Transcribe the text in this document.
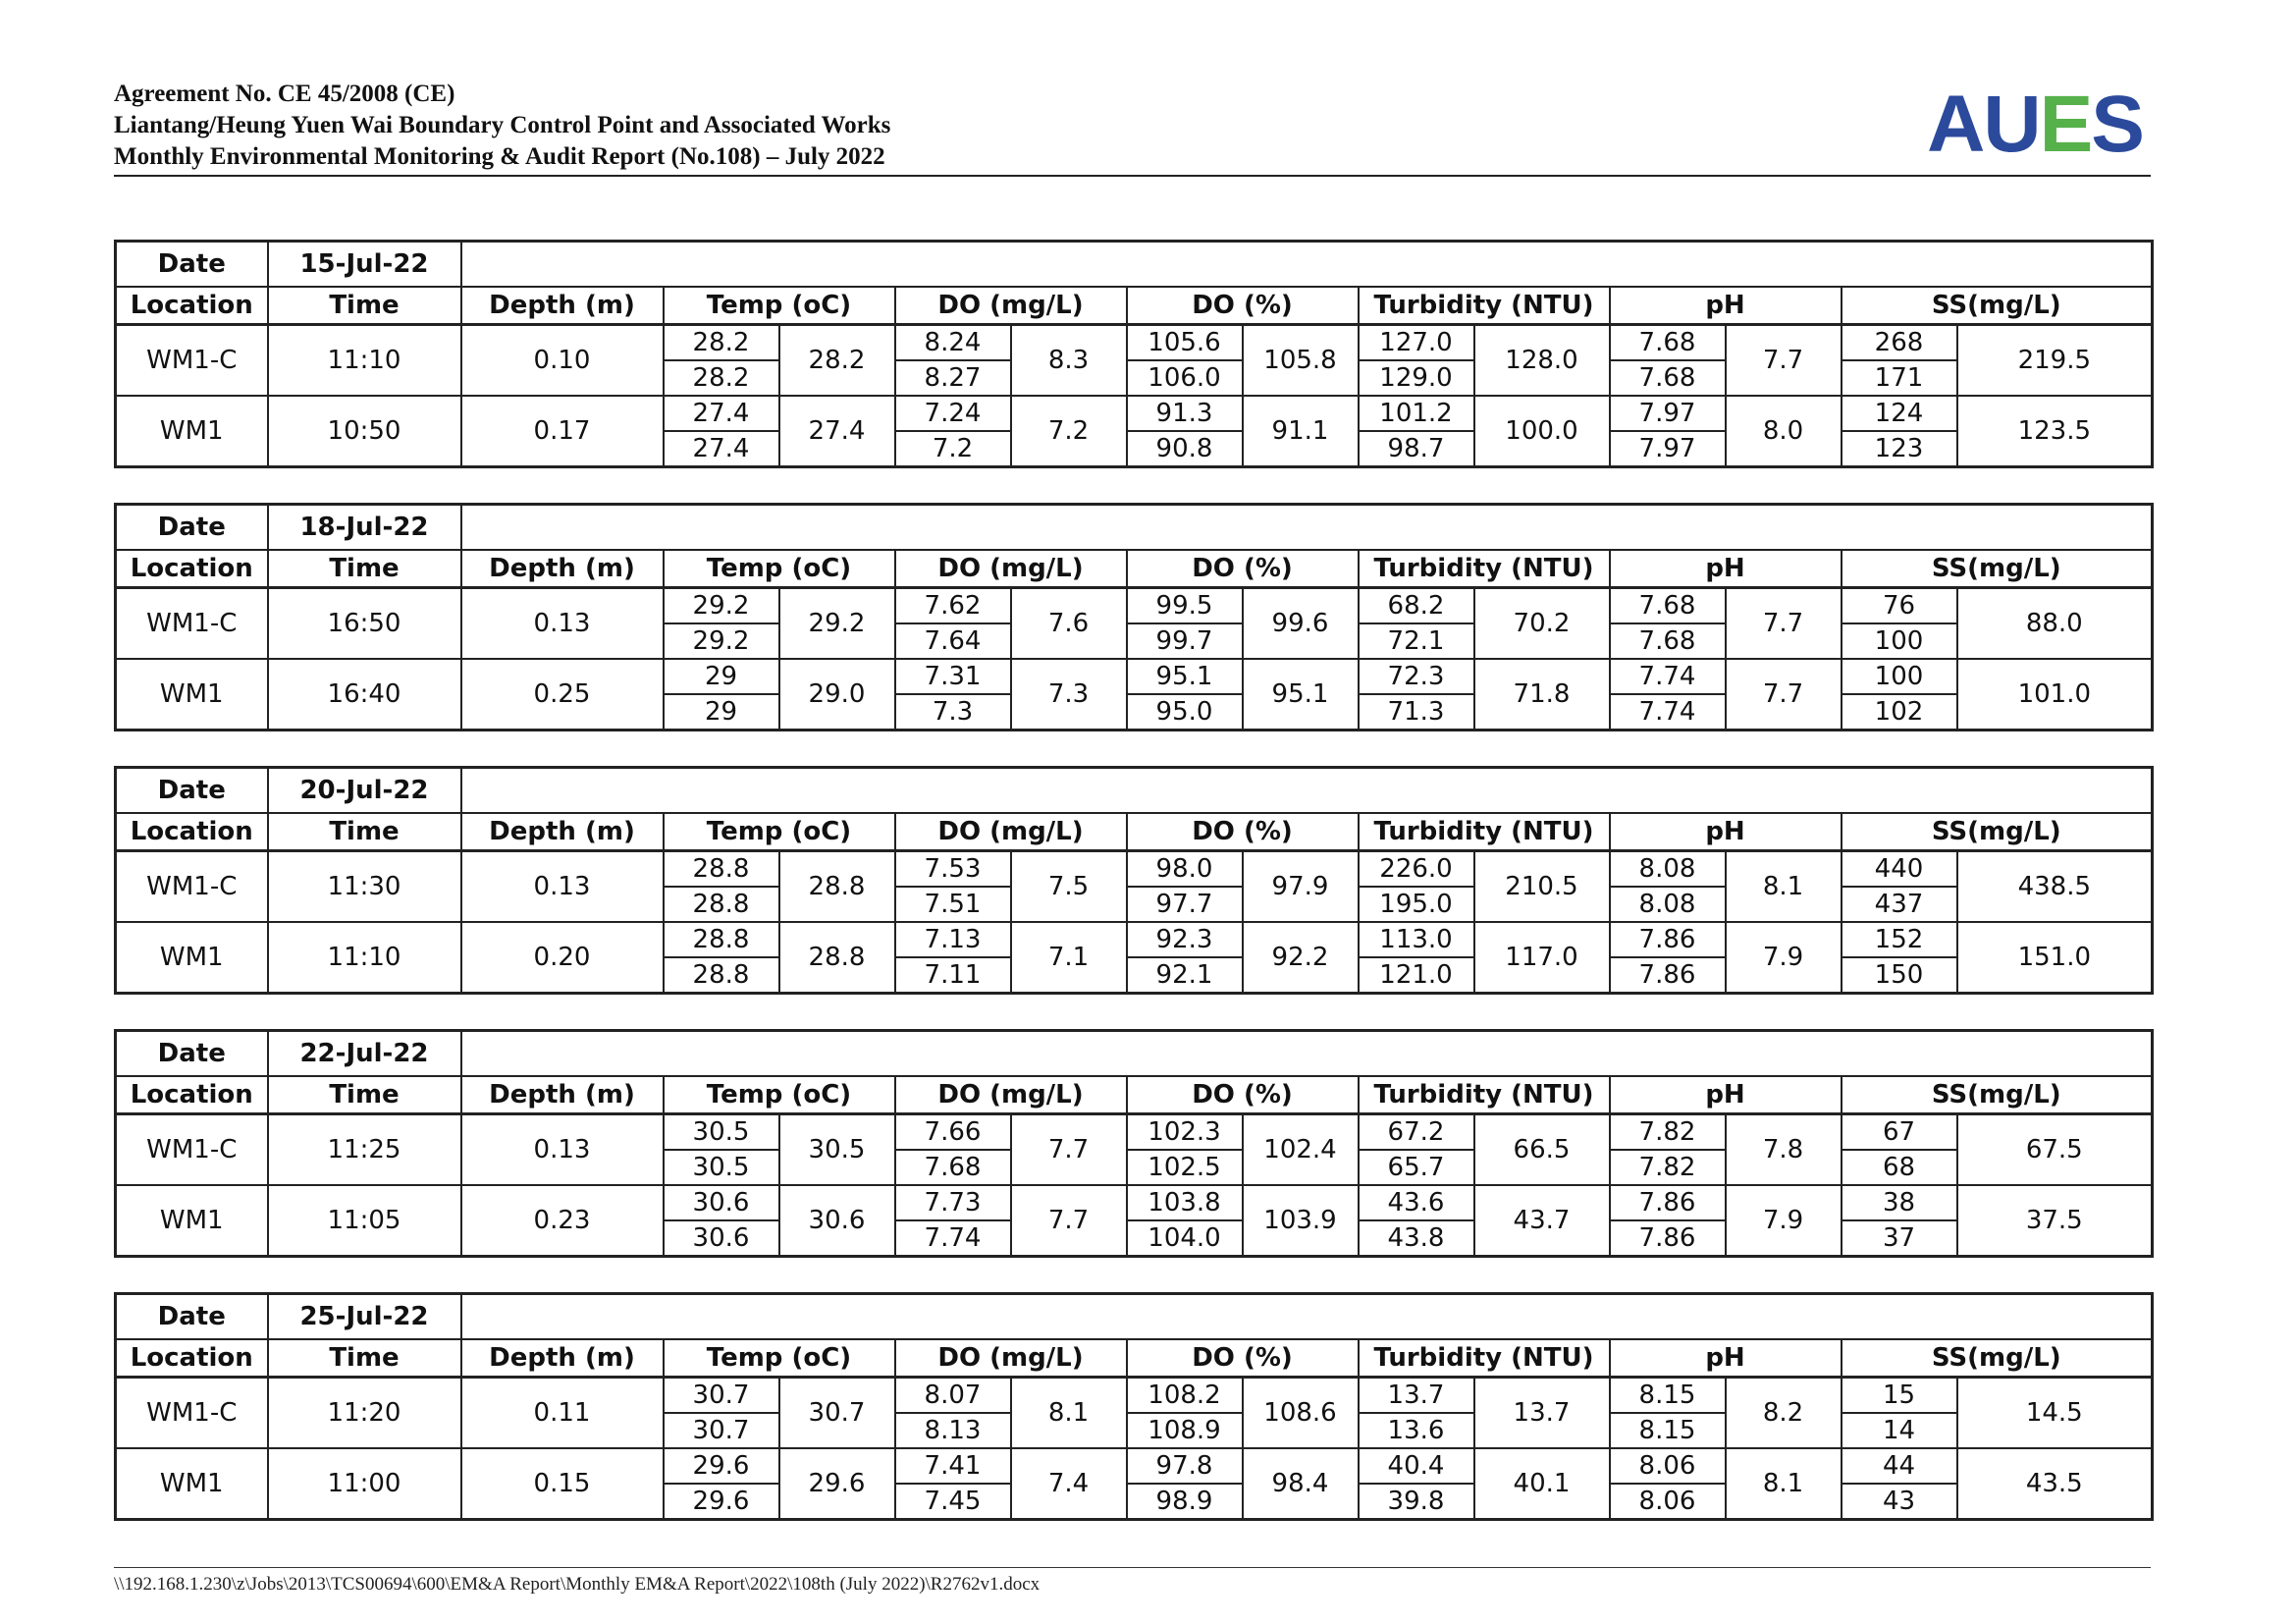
Agreement No. CE 45/2008 (CE)
Liantang/Heung Yuen Wai Boundary Control Point and Associated Works
Monthly Environmental Monitoring & Audit Report (No.108) – July 2022	AUES
Date	15-Jul-22													
Location	Time	Depth (m)	Temp (oC)		DO (mg/L)		DO (%)		Turbidity (NTU)		pH		SS(mg/L)	
WM1-C	11:10	0.10	28.2	28.2	8.24	8.3	105.6	105.8	127.0	128.0	7.68	7.7	268	219.5
			28.2		8.27		106.0		129.0		7.68		171	
WM1	10:50	0.17	27.4	27.4	7.24	7.2	91.3	91.1	101.2	100.0	7.97	8.0	124	123.5
			27.4		7.2		90.8		98.7		7.97		123	
Date	18-Jul-22													
Location	Time	Depth (m)	Temp (oC)		DO (mg/L)		DO (%)		Turbidity (NTU)		pH		SS(mg/L)	
WM1-C	16:50	0.13	29.2	29.2	7.62	7.6	99.5	99.6	68.2	70.2	7.68	7.7	76	88.0
			29.2		7.64		99.7		72.1		7.68		100	
WM1	16:40	0.25	29	29.0	7.31	7.3	95.1	95.1	72.3	71.8	7.74	7.7	100	101.0
			29		7.3		95.0		71.3		7.74		102	
Date	20-Jul-22													
Location	Time	Depth (m)	Temp (oC)		DO (mg/L)		DO (%)		Turbidity (NTU)		pH		SS(mg/L)	
WM1-C	11:30	0.13	28.8	28.8	7.53	7.5	98.0	97.9	226.0	210.5	8.08	8.1	440	438.5
			28.8		7.51		97.7		195.0		8.08		437	
WM1	11:10	0.20	28.8	28.8	7.13	7.1	92.3	92.2	113.0	117.0	7.86	7.9	152	151.0
			28.8		7.11		92.1		121.0		7.86		150	
Date	22-Jul-22													
Location	Time	Depth (m)	Temp (oC)		DO (mg/L)		DO (%)		Turbidity (NTU)		pH		SS(mg/L)	
WM1-C	11:25	0.13	30.5	30.5	7.66	7.7	102.3	102.4	67.2	66.5	7.82	7.8	67	67.5
			30.5		7.68		102.5		65.7		7.82		68	
WM1	11:05	0.23	30.6	30.6	7.73	7.7	103.8	103.9	43.6	43.7	7.86	7.9	38	37.5
			30.6		7.74		104.0		43.8		7.86		37	
Date	25-Jul-22													
Location	Time	Depth (m)	Temp (oC)		DO (mg/L)		DO (%)		Turbidity (NTU)		pH		SS(mg/L)	
WM1-C	11:20	0.11	30.7	30.7	8.07	8.1	108.2	108.6	13.7	13.7	8.15	8.2	15	14.5
			30.7		8.13		108.9		13.6		8.15		14	
WM1	11:00	0.15	29.6	29.6	7.41	7.4	97.8	98.4	40.4	40.1	8.06	8.1	44	43.5
			29.6		7.45		98.9		39.8		8.06		43	
\\192.168.1.230\z\Jobs\2013\TCS00694\600\EM&A Report\Monthly EM&A Report\2022\108th (July 2022)\R2762v1.docx
